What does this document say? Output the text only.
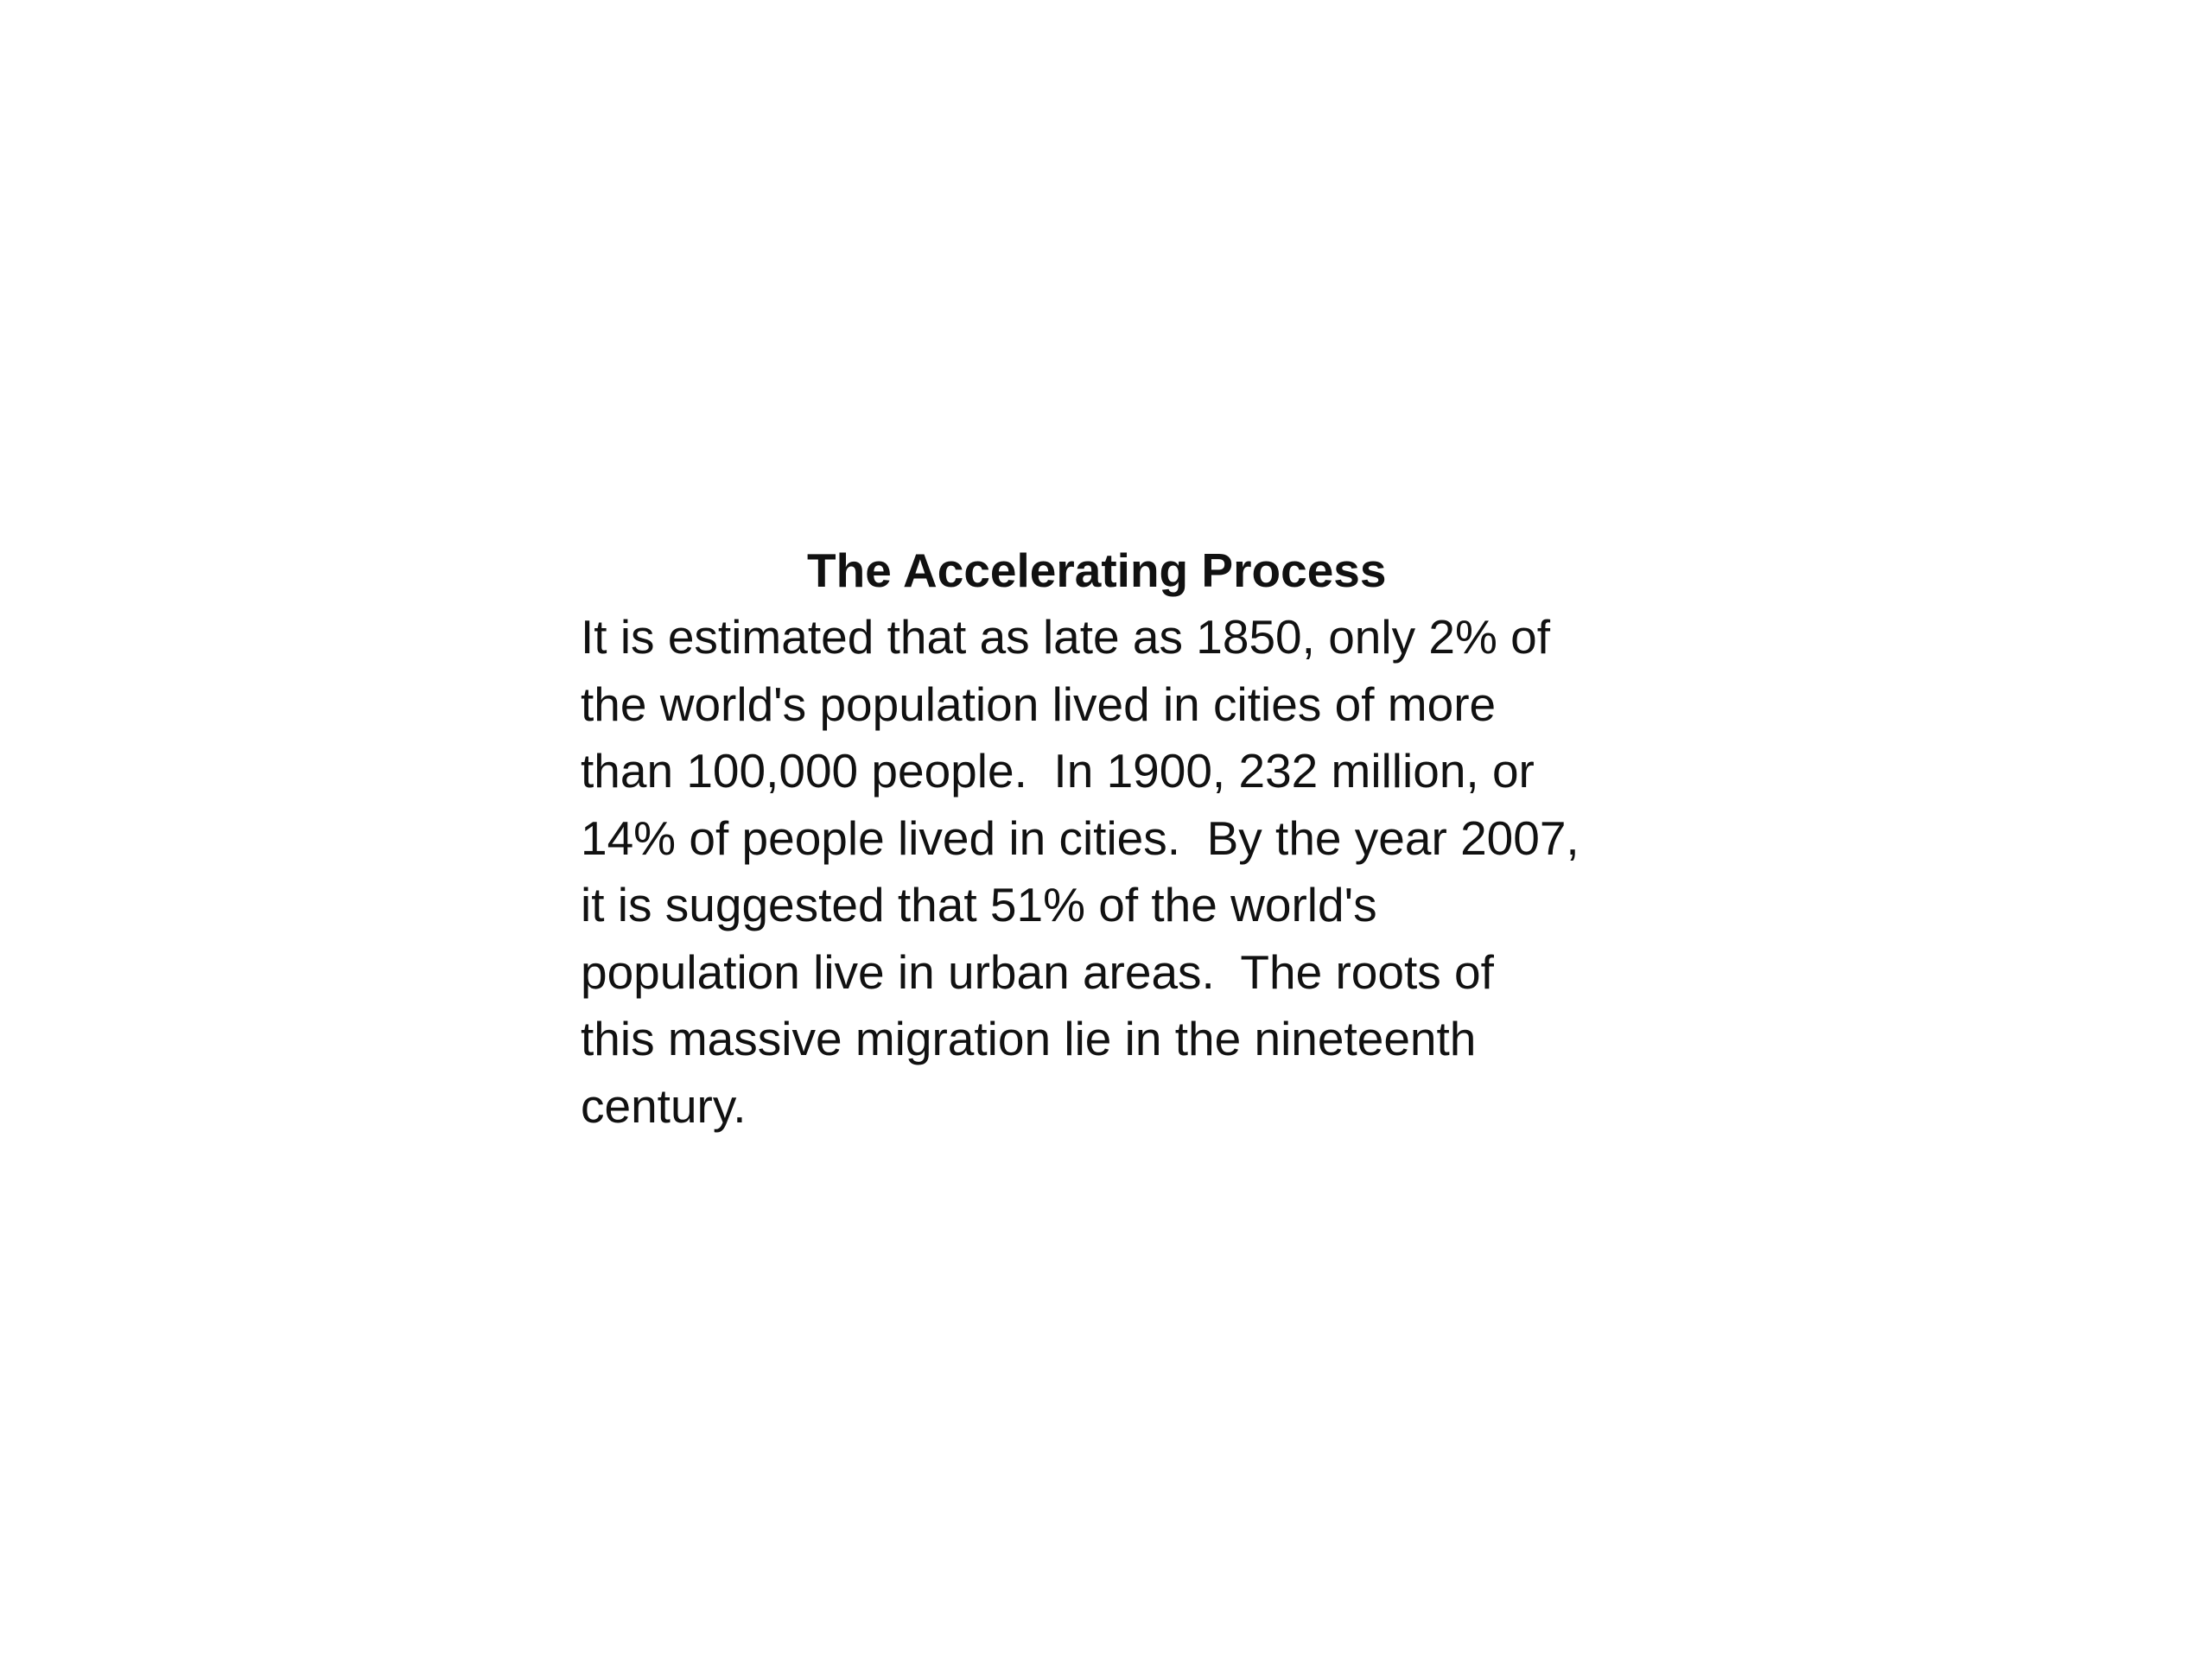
The Accelerating Process

It is estimated that as late as 1850, only 2% of

the world's population lived in cities of more

than 100,000 people.  In 1900, 232 million, or

14% of people lived in cities.  By the year 2007,

it is suggested that 51% of the world's

population live in urban areas.  The roots of

this massive migration lie in the nineteenth

century.
